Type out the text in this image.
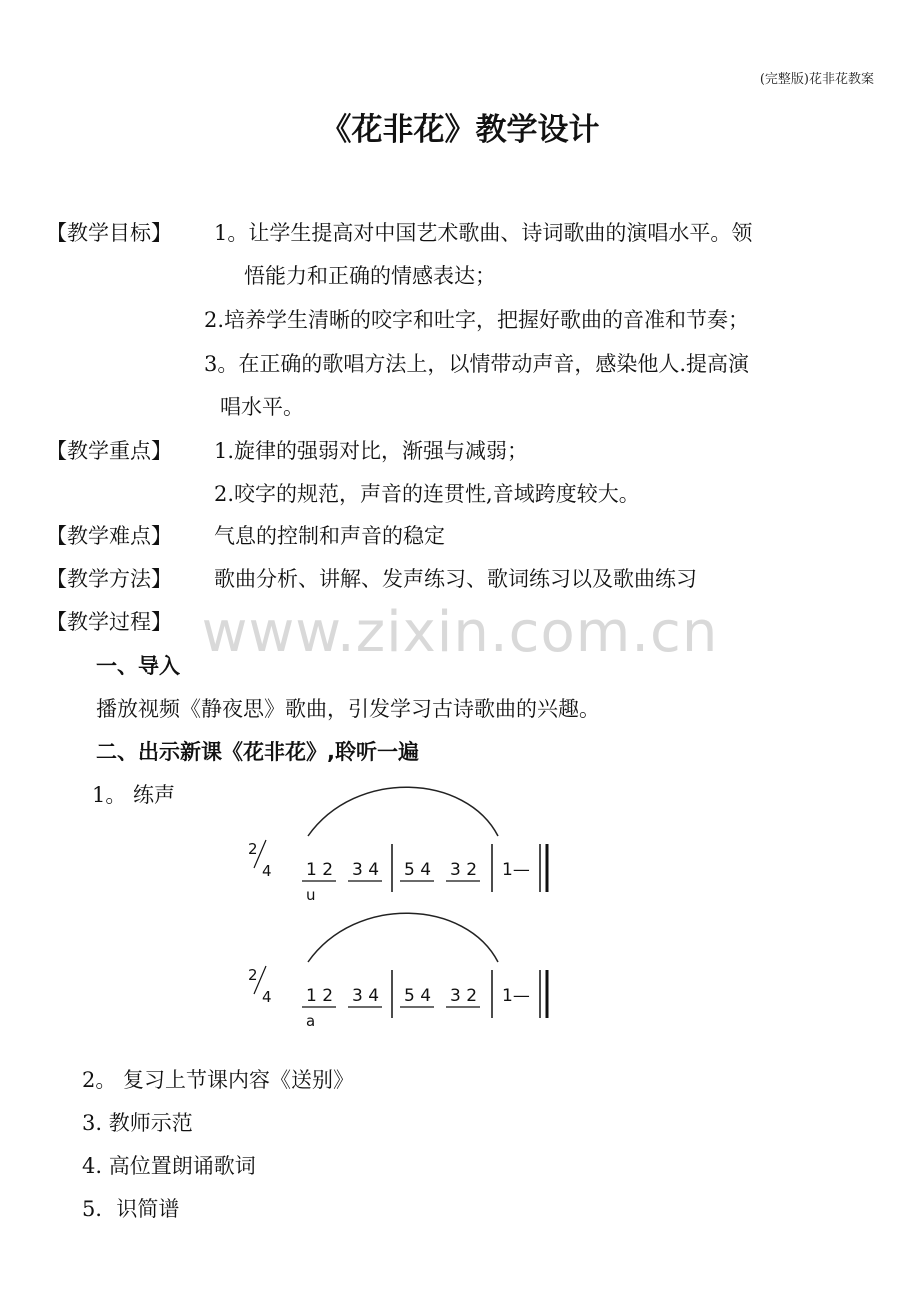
(完整版)花非花教案
《花非花》教学设计
www.zixin.com.cn
【教学目标】 1。让学生提高对中国艺术歌曲、诗词歌曲的演唱水平。领
悟能力和正确的情感表达；
2.培养学生清晰的咬字和吐字，把握好歌曲的音准和节奏；
3。在正确的歌唱方法上，以情带动声音，感染他人.提高演
唱水平。
【教学重点】 1.旋律的强弱对比，渐强与减弱；
2.咬字的规范，声音的连贯性,音域跨度较大。
【教学难点】 气息的控制和声音的稳定
【教学方法】 歌曲分析、讲解、发声练习、歌词练习以及歌曲练习
【教学过程】
一、导入
播放视频《静夜思》歌曲，引发学习古诗歌曲的兴趣。
二、出示新课《花非花》,聆听一遍
1。 练声
2
4 1 2 3 4 5 4 3 2 1—
u
2
4 1 2 3 4 5 4 3 2 1—
a
2。 复习上节课内容《送别》
3. 教师示范
4. 高位置朗诵歌词
5．识简谱
